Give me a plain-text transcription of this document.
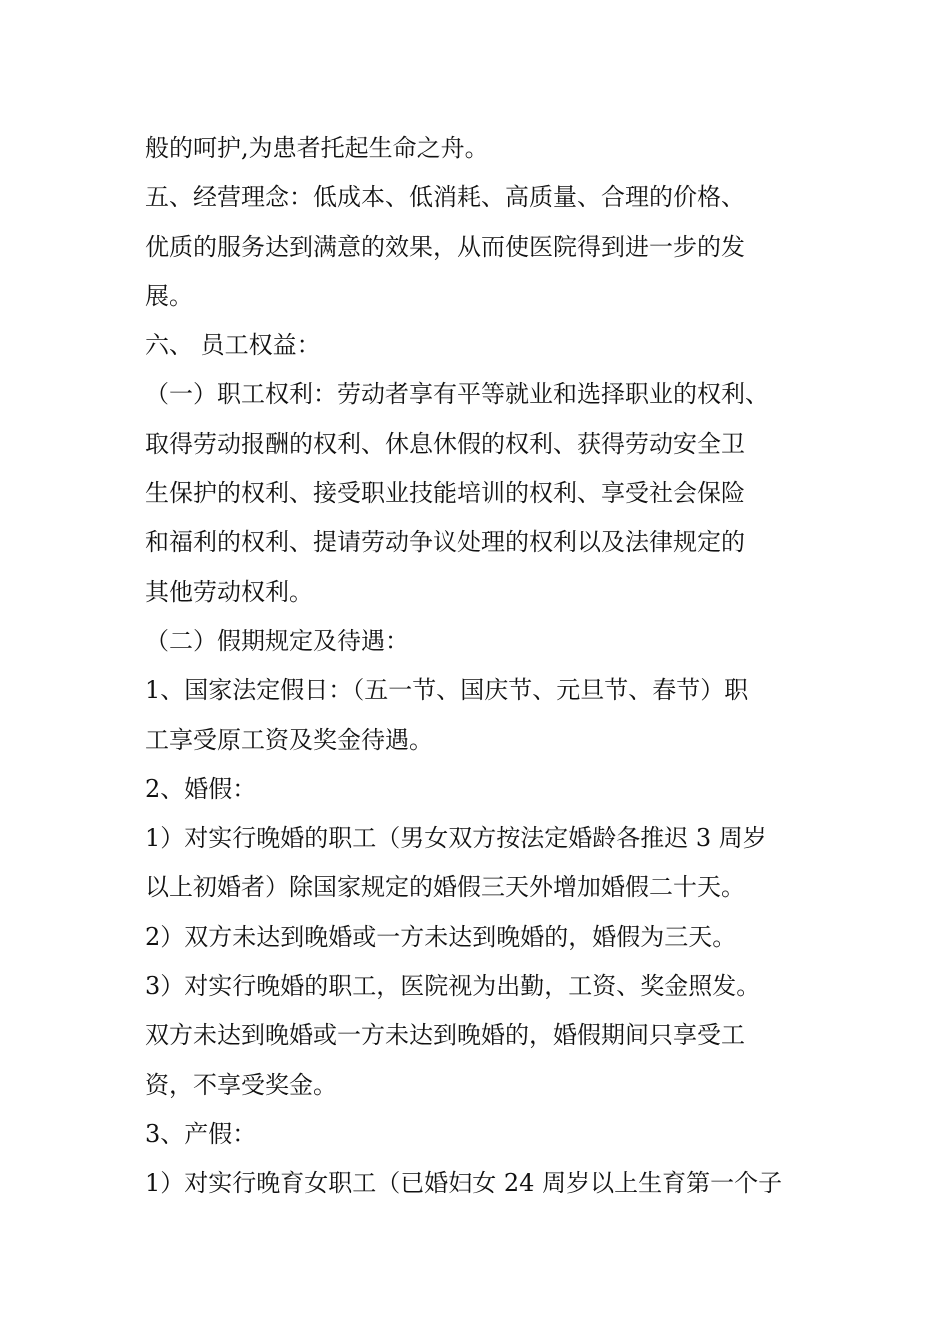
般的呵护,为患者托起生命之舟。
五、经营理念：低成本、低消耗、高质量、合理的价格、
优质的服务达到满意的效果，从而使医院得到进一步的发
展。
六、 员工权益：
（一）职工权利：劳动者享有平等就业和选择职业的权利、
取得劳动报酬的权利、休息休假的权利、获得劳动安全卫
生保护的权利、接受职业技能培训的权利、享受社会保险
和福利的权利、提请劳动争议处理的权利以及法律规定的
其他劳动权利。
（二）假期规定及待遇：
1、国家法定假日：（五一节、国庆节、元旦节、春节）职
工享受原工资及奖金待遇。
2、婚假：
1）对实行晚婚的职工（男女双方按法定婚龄各推迟 3 周岁
以上初婚者）除国家规定的婚假三天外增加婚假二十天。
2）双方未达到晚婚或一方未达到晚婚的，婚假为三天。
3）对实行晚婚的职工，医院视为出勤，工资、奖金照发。
双方未达到晚婚或一方未达到晚婚的，婚假期间只享受工
资，不享受奖金。
3、产假：
1）对实行晚育女职工（已婚妇女 24 周岁以上生育第一个子
